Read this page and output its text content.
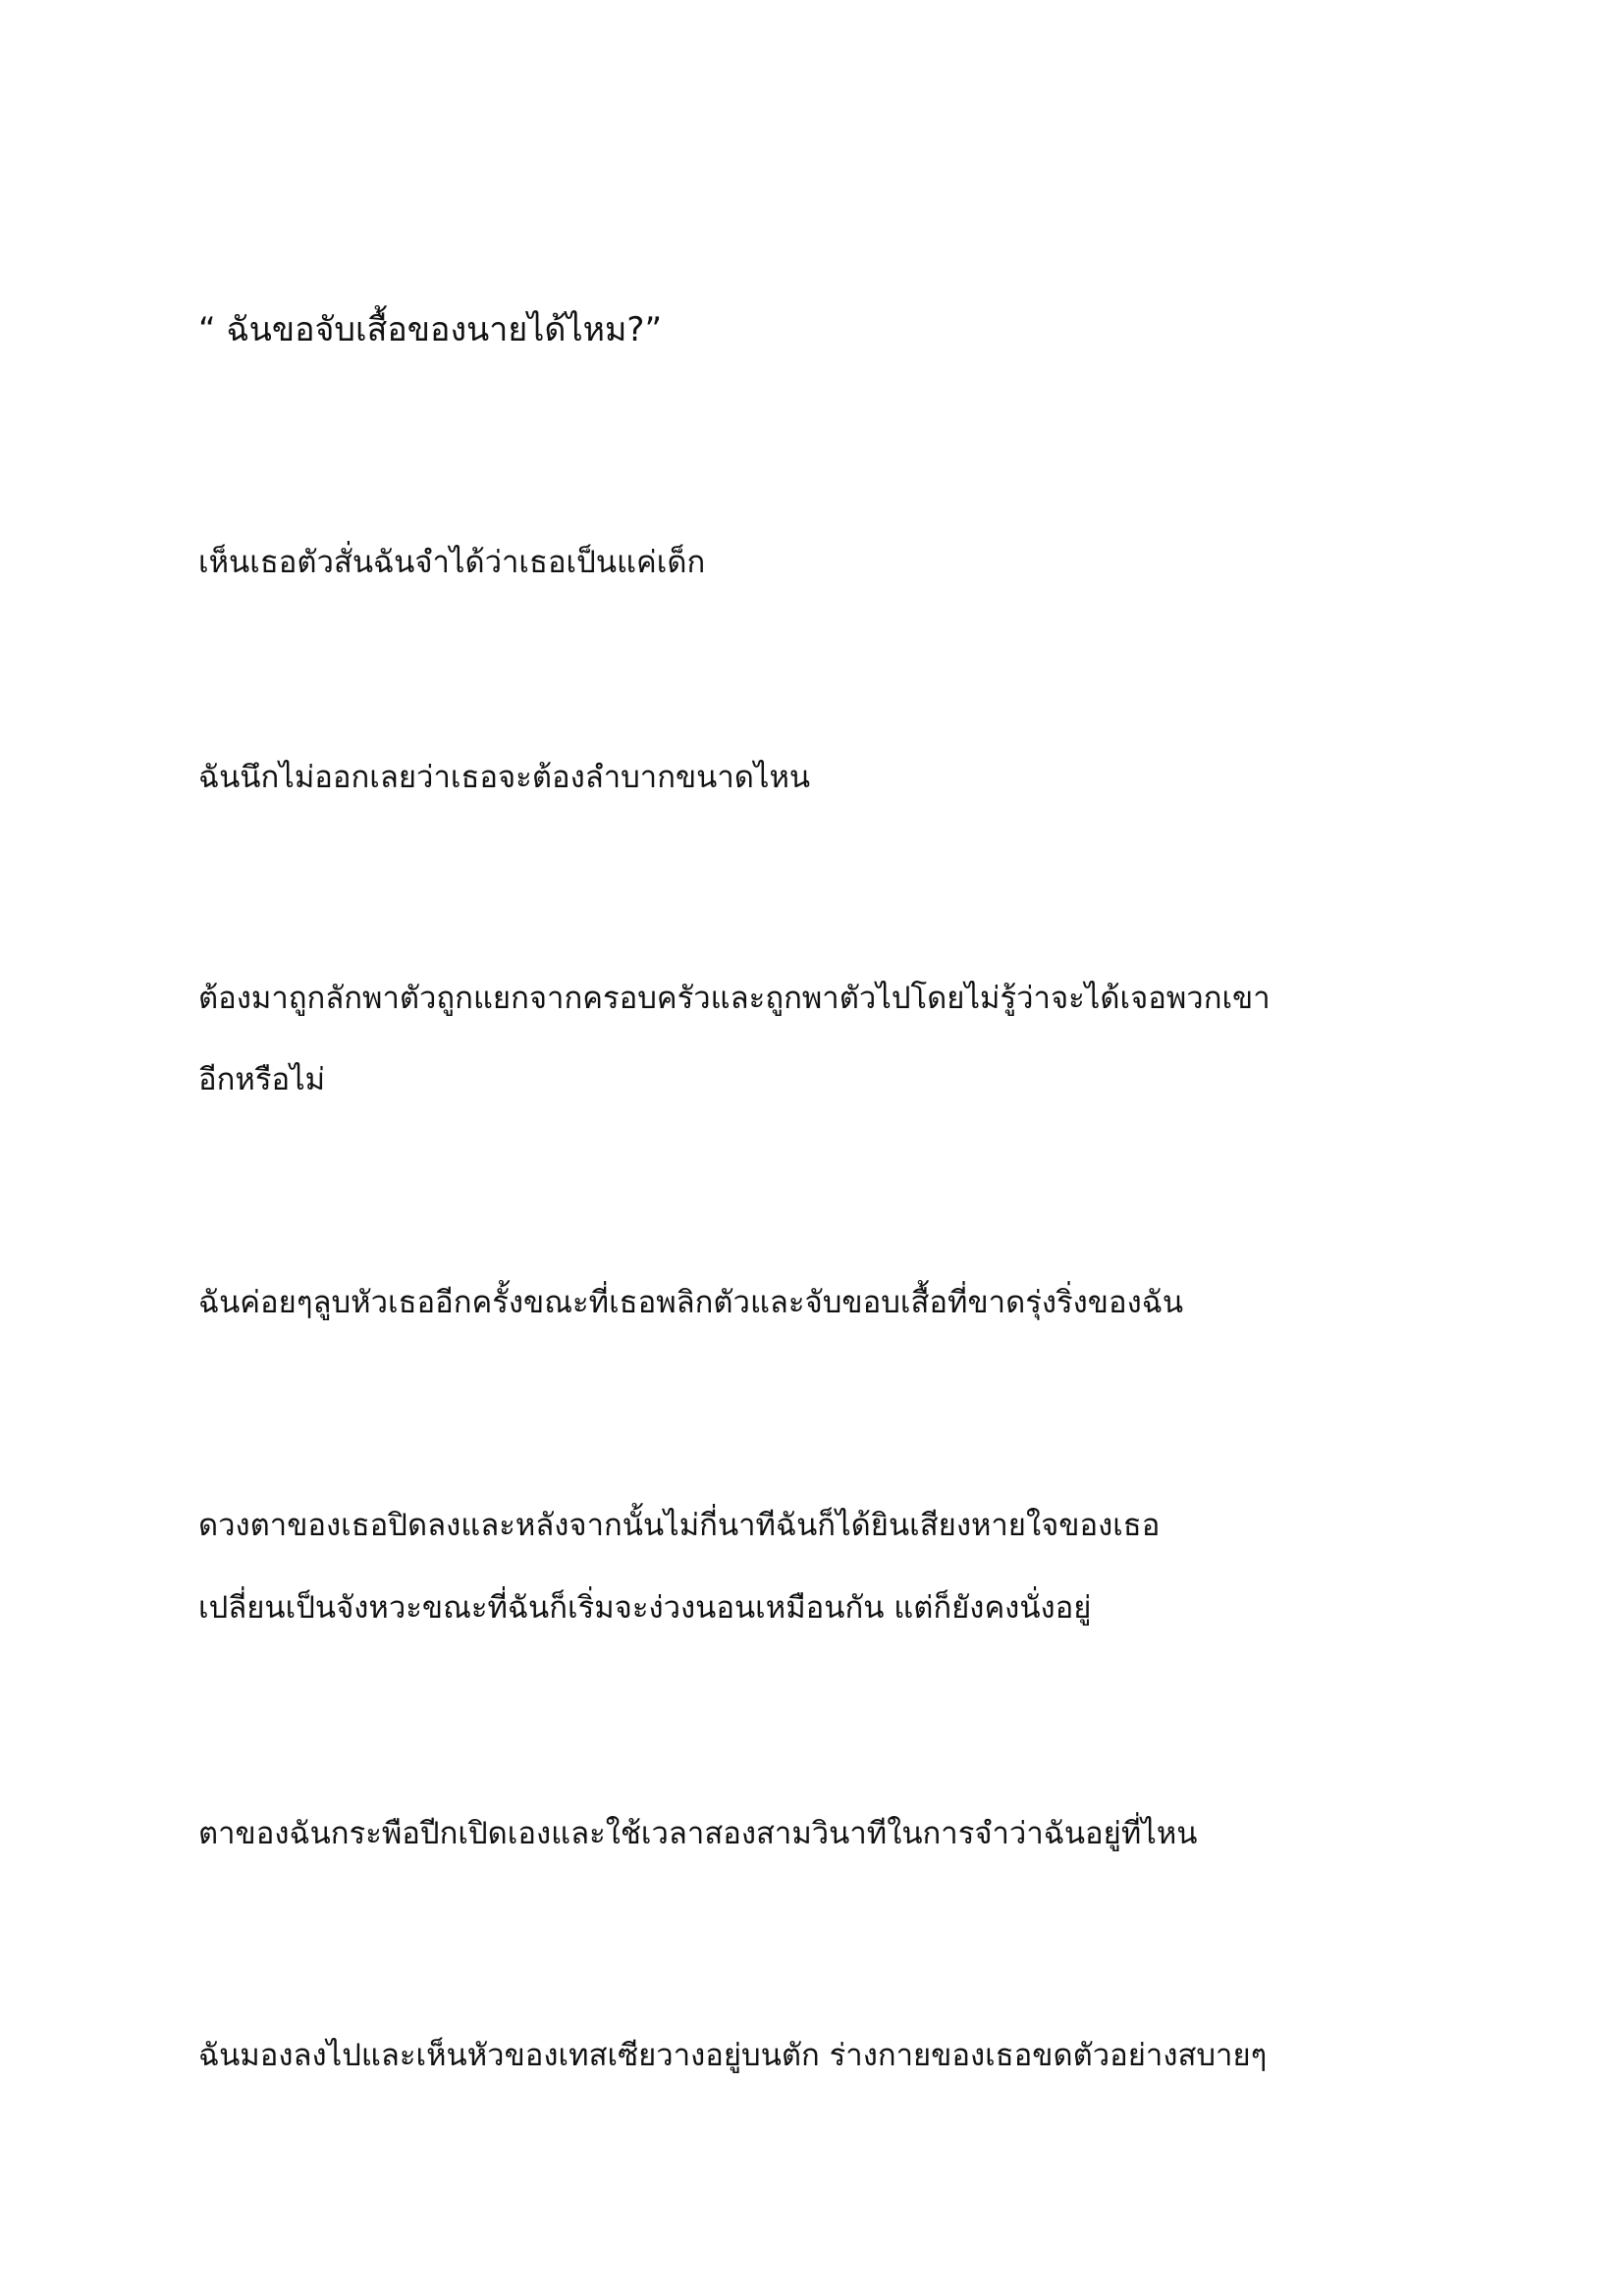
“ ฉันขอจับเสื้อของนายได้ไหม?”

เห็นเธอตัวสั่นฉันจำได้ว่าเธอเป็นแค่เด็ก

ฉันนึกไม่ออกเลยว่าเธอจะต้องลำบากขนาดไหน

ต้องมาถูกลักพาตัวถูกแยกจากครอบครัวและถูกพาตัวไปโดยไม่รู้ว่าจะได้เจอพวกเขา

อีกหรือไม่

ฉันค่อยๆลูบหัวเธออีกครั้งขณะที่เธอพลิกตัวและจับขอบเสื้อที่ขาดรุ่งริ่งของฉัน

ดวงตาของเธอปิดลงและหลังจากนั้นไม่กี่นาทีฉันก็ได้ยินเสียงหายใจของเธอ

เปลี่ยนเป็นจังหวะขณะที่ฉันก็เริ่มจะง่วงนอนเหมือนกัน แต่ก็ยังคงนั่งอยู่

ตาของฉันกระพือปีกเปิดเองและใช้เวลาสองสามวินาทีในการจำว่าฉันอยู่ที่ไหน

ฉันมองลงไปและเห็นหัวของเทสเซียวางอยู่บนตัก ร่างกายของเธอขดตัวอย่างสบายๆ
